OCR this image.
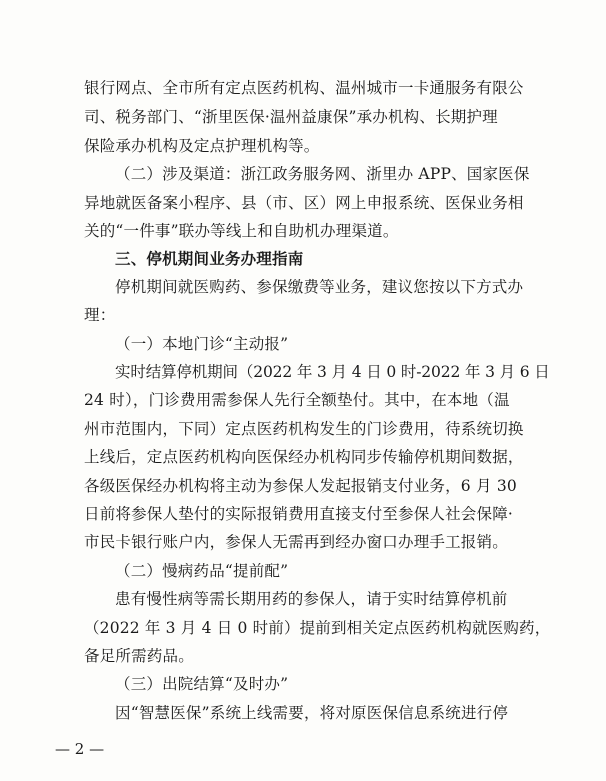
银行网点、全市所有定点医药机构、温州城市一卡通服务有限公
司、税务部门、“浙里医保·温州益康保”承办机构、长期护理
保险承办机构及定点护理机构等。
（二）涉及渠道：浙江政务服务网、浙里办 APP、国家医保
异地就医备案小程序、县（市、区）网上申报系统、医保业务相
关的“一件事”联办等线上和自助机办理渠道。
三、停机期间业务办理指南
停机期间就医购药、参保缴费等业务，建议您按以下方式办
理：
（一）本地门诊“主动报”
实时结算停机期间（2022 年 3 月 4 日 0 时-2022 年 3 月 6 日
24 时），门诊费用需参保人先行全额垫付。其中，在本地（温
州市范围内，下同）定点医药机构发生的门诊费用，待系统切换
上线后，定点医药机构向医保经办机构同步传输停机期间数据，
各级医保经办机构将主动为参保人发起报销支付业务，6 月 30
日前将参保人垫付的实际报销费用直接支付至参保人社会保障·
市民卡银行账户内，参保人无需再到经办窗口办理手工报销。
（二）慢病药品“提前配”
患有慢性病等需长期用药的参保人，请于实时结算停机前
（2022 年 3 月 4 日 0 时前）提前到相关定点医药机构就医购药，
备足所需药品。
（三）出院结算“及时办”
因“智慧医保”系统上线需要，将对原医保信息系统进行停
— 2 —
